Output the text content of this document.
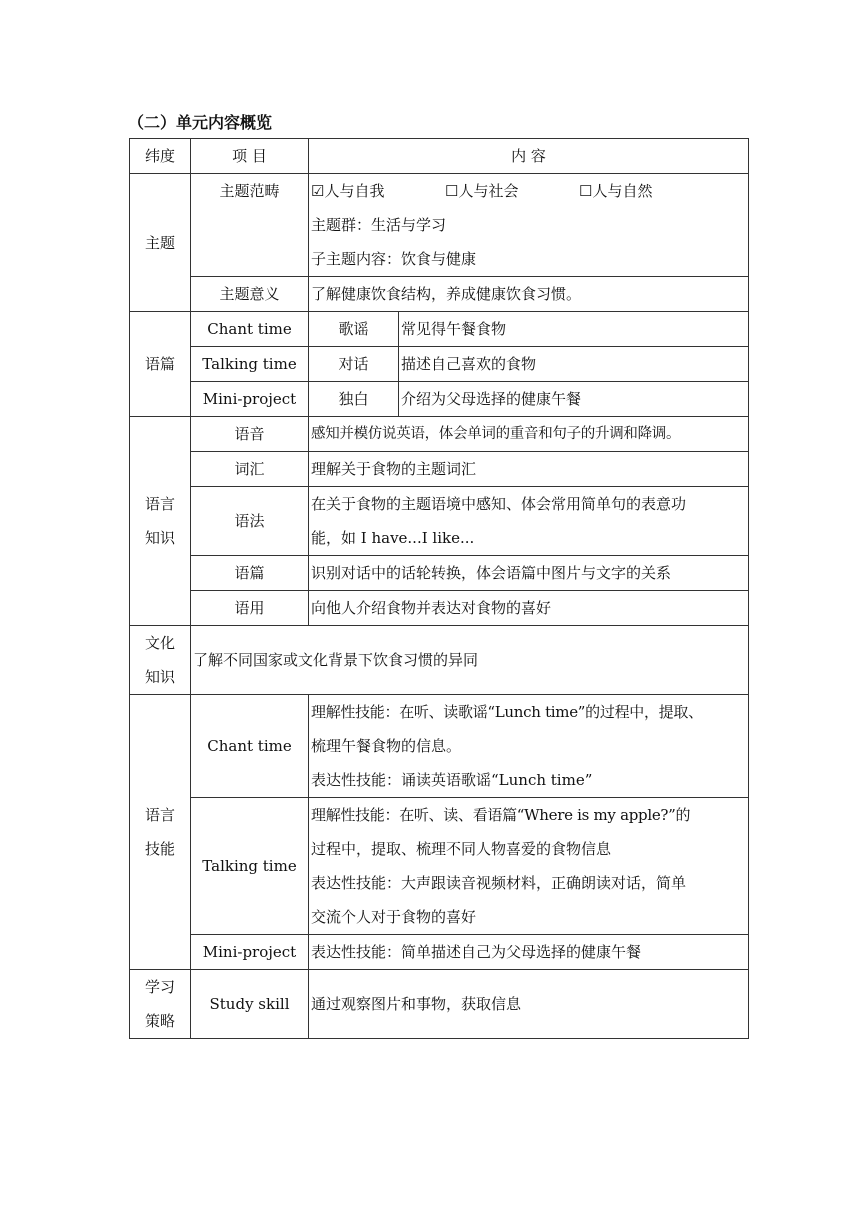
（二）单元内容概览
纬度	项 目	内 容	
主题	主题范畴	☑人与自我 ☐人与社会 ☐人与自然
主题群：生活与学习
子主题内容：饮食与健康	

	主题意义	了解健康饮食结构，养成健康饮食习惯。	
语篇	Chant time	歌谣	常见得午餐食物
	Talking time	对话	描述自己喜欢的食物
	Mini-project	独白	介绍为父母选择的健康午餐

语言
知识	语音	感知并模仿说英语，体会单词的重音和句子的升调和降调。	
	词汇	理解关于食物的主题词汇	
	语法	在关于食物的主题语境中感知、体会常用简单句的表意功
能，如 I have...I like...	

	语篇	识别对话中的话轮转换，体会语篇中图片与文字的关系	
	语用	向他人介绍食物并表达对食物的喜好	

文化
知识	了解不同国家或文化背景下饮食习惯的异同		

语言
技能	Chant time	理解性技能：在听、读歌谣“Lunch time”的过程中，提取、
梳理午餐食物的信息。
表达性技能：诵读英语歌谣“Lunch time”	

	Talking time	理解性技能：在听、读、看语篇“Where is my apple?”的
过程中，提取、梳理不同人物喜爱的食物信息
表达性技能：大声跟读音视频材料，正确朗读对话，简单
交流个人对于食物的喜好	

	Mini-project	表达性技能：简单描述自己为父母选择的健康午餐	

学习
策略	Study skill	通过观察图片和事物，获取信息	
